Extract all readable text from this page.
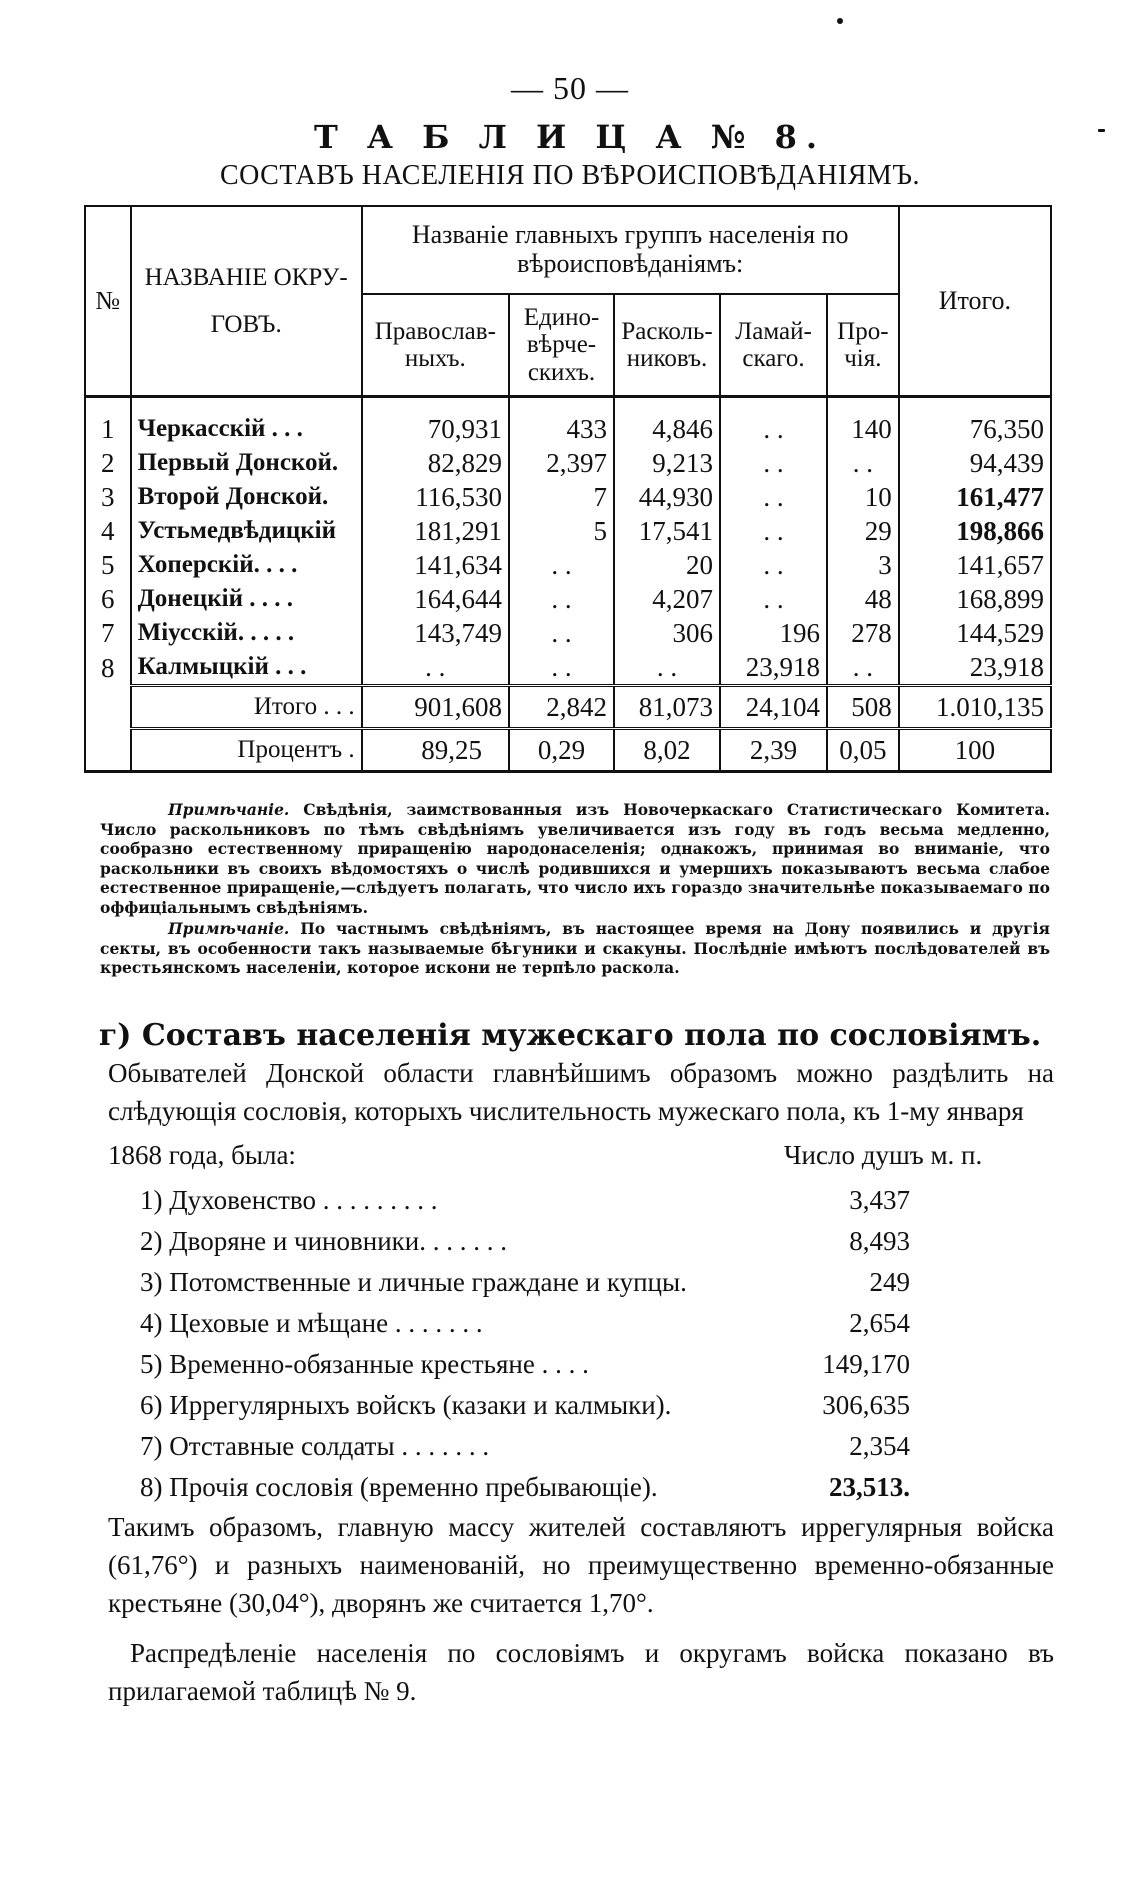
— 50 —
Т А Б Л И Ц А № 8.
СОСТАВЪ НАСЕЛЕНІЯ ПО ВѢРОИСПОВѢДАНІЯМЪ.
№	НАЗВАНІЕ ОКРУ- ГОВЪ.	Названіе главныхъ группъ населенія по вѣроисповѣданіямъ:					Итого.
		Православ- ныхъ.	Едино- вѣрче- скихъ.	Расколь- никовъ.	Ламай- скаго.	Про- чія.	
1	Черкасскій . . .	70,931	433	4,846	. .	140	76,350
2	Первый Донской.	82,829	2,397	9,213	. .	. .	94,439
3	Второй Донской.	116,530	7	44,930	. .	10	161,477
4	Устьмедвѣдицкій	181,291	5	17,541	. .	29	198,866
5	Хоперскій. . . .	141,634	. .	20	. .	3	141,657
6	Донецкій . . . .	164,644	. .	4,207	. .	48	168,899
7	Міусскій. . . . .	143,749	. .	306	196	278	144,529
8	Калмыцкій . . .	. .	. .	. .	23,918	. .	23,918
	Итого . . .	901,608	2,842	81,073	24,104	508	1.010,135
	Процентъ .	89,25	0,29	8,02	2,39	0,05	100

Примѣчаніе. Свѣдѣнія, заимствованныя изъ Новочеркаскаго Статистическаго Комитета. Число раскольниковъ по тѣмъ свѣдѣніямъ увеличивается изъ году въ годъ весьма медленно, сообразно естественному приращенію народонаселенія; однакожъ, принимая во вниманіе, что раскольники въ своихъ вѣдомостяхъ о числѣ родившихся и умершихъ показываютъ весьма слабое естественное приращеніе,—слѣдуетъ полагать, что число ихъ гораздо значительнѣе показываемаго по оффиціальнымъ свѣдѣніямъ.

Примѣчаніе. По частнымъ свѣдѣніямъ, въ настоящее время на Дону появились и другія секты, въ особенности такъ называемые бѣгуники и скакуны. Послѣдніе имѣютъ послѣдователей въ крестьянскомъ населеніи, которое искони не терпѣло раскола.

г) Составъ населенія мужескаго пола по сословіямъ.
Обывателей Донской области главнѣйшимъ образомъ можно раздѣлить на слѣдующія сословія, которыхъ числительность мужескаго пола, къ 1-му января
1868 года, была:	Число душъ м. п.
1) Духовенство . . . . . . . . .	3,437
2) Дворяне и чиновники. . . . . . .	8,493
3) Потомственные и личные граждане и купцы.	249
4) Цеховые и мѣщане . . . . . . .	2,654
5) Временно-обязанные крестьяне . . . .	149,170
6) Иррегулярныхъ войскъ (казаки и калмыки).	306,635
7) Отставные солдаты . . . . . . .	2,354
8) Прочія сословія (временно пребывающіе).	23,513.
Такимъ образомъ, главную массу жителей составляютъ иррегулярныя войска (61,76°) и разныхъ наименованій, но преимущественно временно-обязанные крестьяне (30,04°), дворянъ же считается 1,70°.
Распредѣленіе населенія по сословіямъ и округамъ войска показано въ прилагаемой таблицѣ № 9.
